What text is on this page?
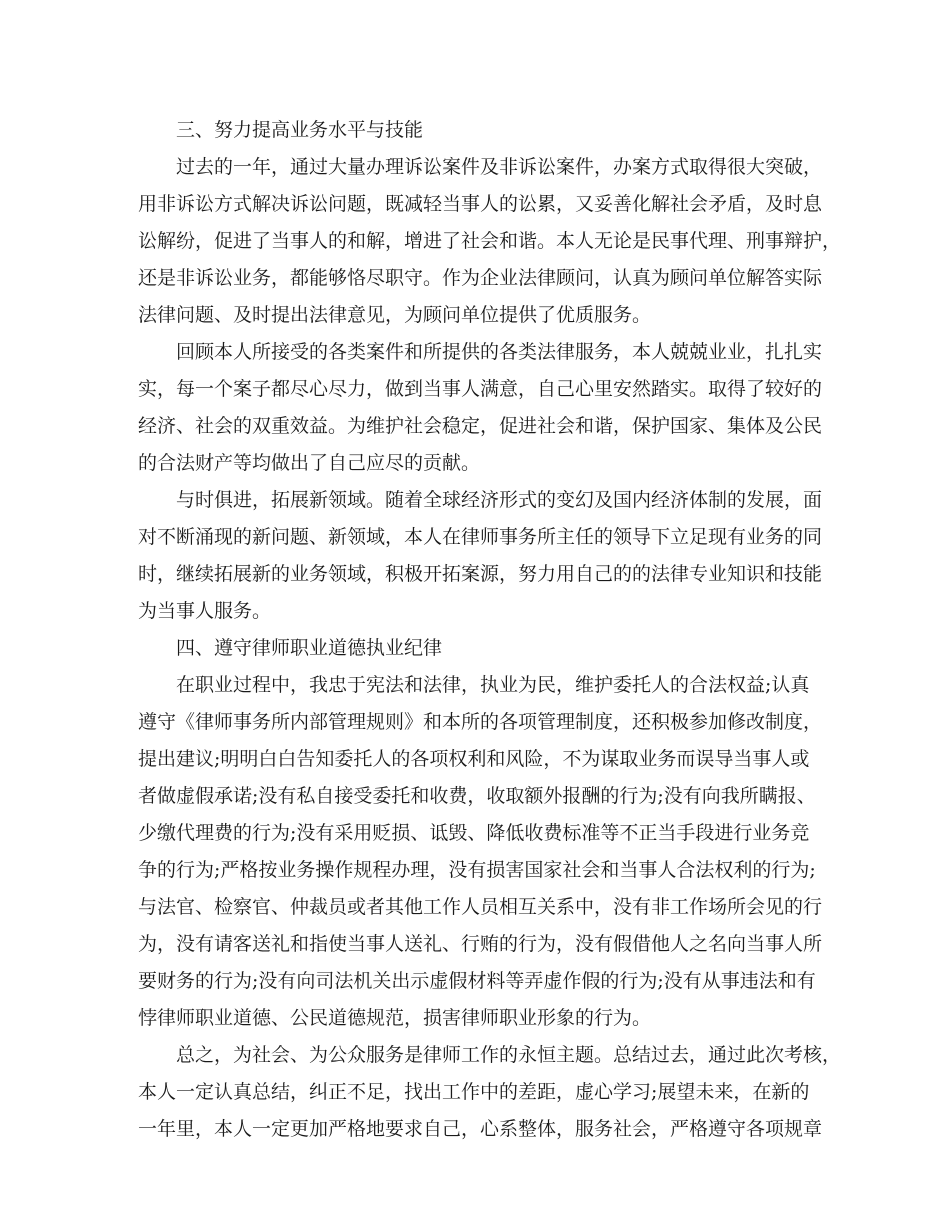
三、努力提高业务水平与技能
过去的一年，通过大量办理诉讼案件及非诉讼案件，办案方式取得很大突破，
用非诉讼方式解决诉讼问题，既减轻当事人的讼累，又妥善化解社会矛盾，及时息
讼解纷，促进了当事人的和解，增进了社会和谐。本人无论是民事代理、刑事辩护，
还是非诉讼业务，都能够恪尽职守。作为企业法律顾问，认真为顾问单位解答实际
法律问题、及时提出法律意见，为顾问单位提供了优质服务。
回顾本人所接受的各类案件和所提供的各类法律服务，本人兢兢业业，扎扎实
实，每一个案子都尽心尽力，做到当事人满意，自己心里安然踏实。取得了较好的
经济、社会的双重效益。为维护社会稳定，促进社会和谐，保护国家、集体及公民
的合法财产等均做出了自己应尽的贡献。
与时俱进，拓展新领域。随着全球经济形式的变幻及国内经济体制的发展，面
对不断涌现的新问题、新领域，本人在律师事务所主任的领导下立足现有业务的同
时，继续拓展新的业务领域，积极开拓案源，努力用自己的的法律专业知识和技能
为当事人服务。
四、遵守律师职业道德执业纪律
在职业过程中，我忠于宪法和法律，执业为民，维护委托人的合法权益;认真
遵守《律师事务所内部管理规则》和本所的各项管理制度，还积极参加修改制度，
提出建议;明明白白告知委托人的各项权利和风险，不为谋取业务而误导当事人或
者做虚假承诺;没有私自接受委托和收费，收取额外报酬的行为;没有向我所瞒报、
少缴代理费的行为;没有采用贬损、诋毁、降低收费标准等不正当手段进行业务竞
争的行为;严格按业务操作规程办理，没有损害国家社会和当事人合法权利的行为;
与法官、检察官、仲裁员或者其他工作人员相互关系中，没有非工作场所会见的行
为，没有请客送礼和指使当事人送礼、行贿的行为，没有假借他人之名向当事人所
要财务的行为;没有向司法机关出示虚假材料等弄虚作假的行为;没有从事违法和有
悖律师职业道德、公民道德规范，损害律师职业形象的行为。
总之，为社会、为公众服务是律师工作的永恒主题。总结过去，通过此次考核，
本人一定认真总结，纠正不足，找出工作中的差距，虚心学习;展望未来，在新的
一年里，本人一定更加严格地要求自己，心系整体，服务社会，严格遵守各项规章
